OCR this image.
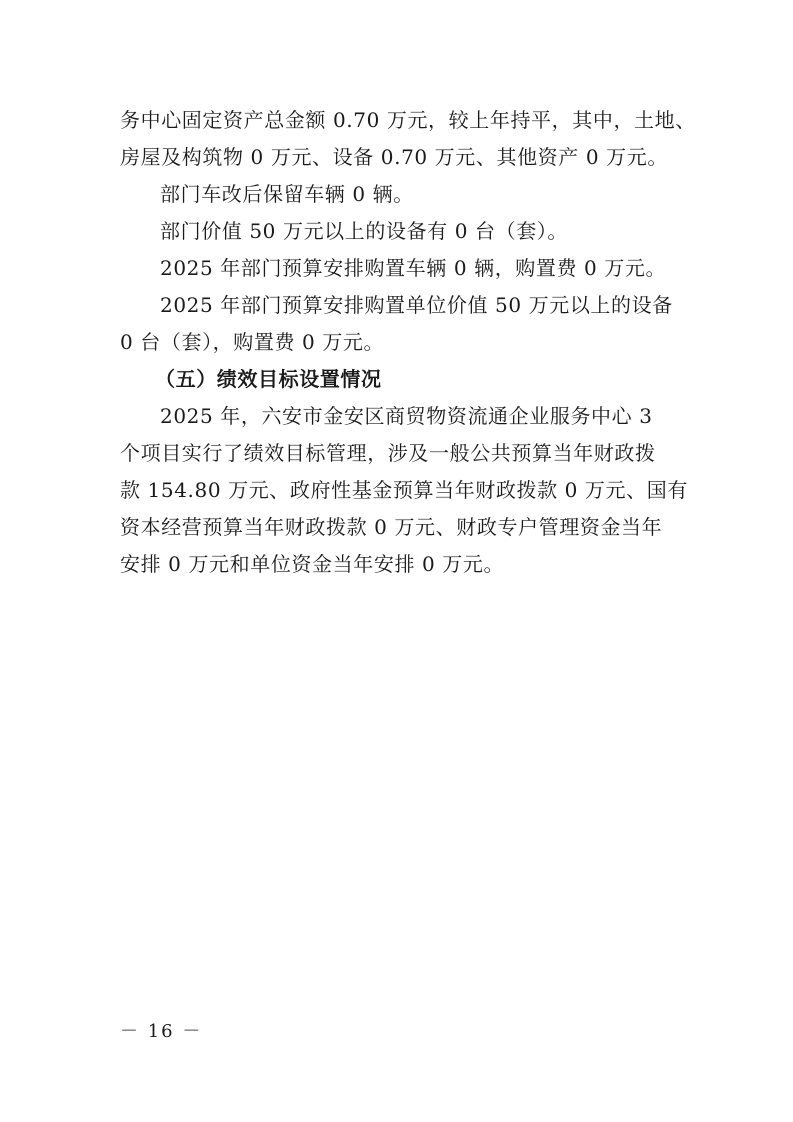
务中心固定资产总金额 0.70 万元，较上年持平，其中，土地、
房屋及构筑物 0 万元、设备 0.70 万元、其他资产 0 万元。
部门车改后保留车辆 0 辆。
部门价值 50 万元以上的设备有 0 台（套）。
2025 年部门预算安排购置车辆 0 辆，购置费 0 万元。
2025 年部门预算安排购置单位价值 50 万元以上的设备
0 台（套），购置费 0 万元。
（五）绩效目标设置情况
2025 年，六安市金安区商贸物资流通企业服务中心 3
个项目实行了绩效目标管理，涉及一般公共预算当年财政拨
款 154.80 万元、政府性基金预算当年财政拨款 0 万元、国有
资本经营预算当年财政拨款 0 万元、财政专户管理资金当年
安排 0 万元和单位资金当年安排 0 万元。
－ 16 －
